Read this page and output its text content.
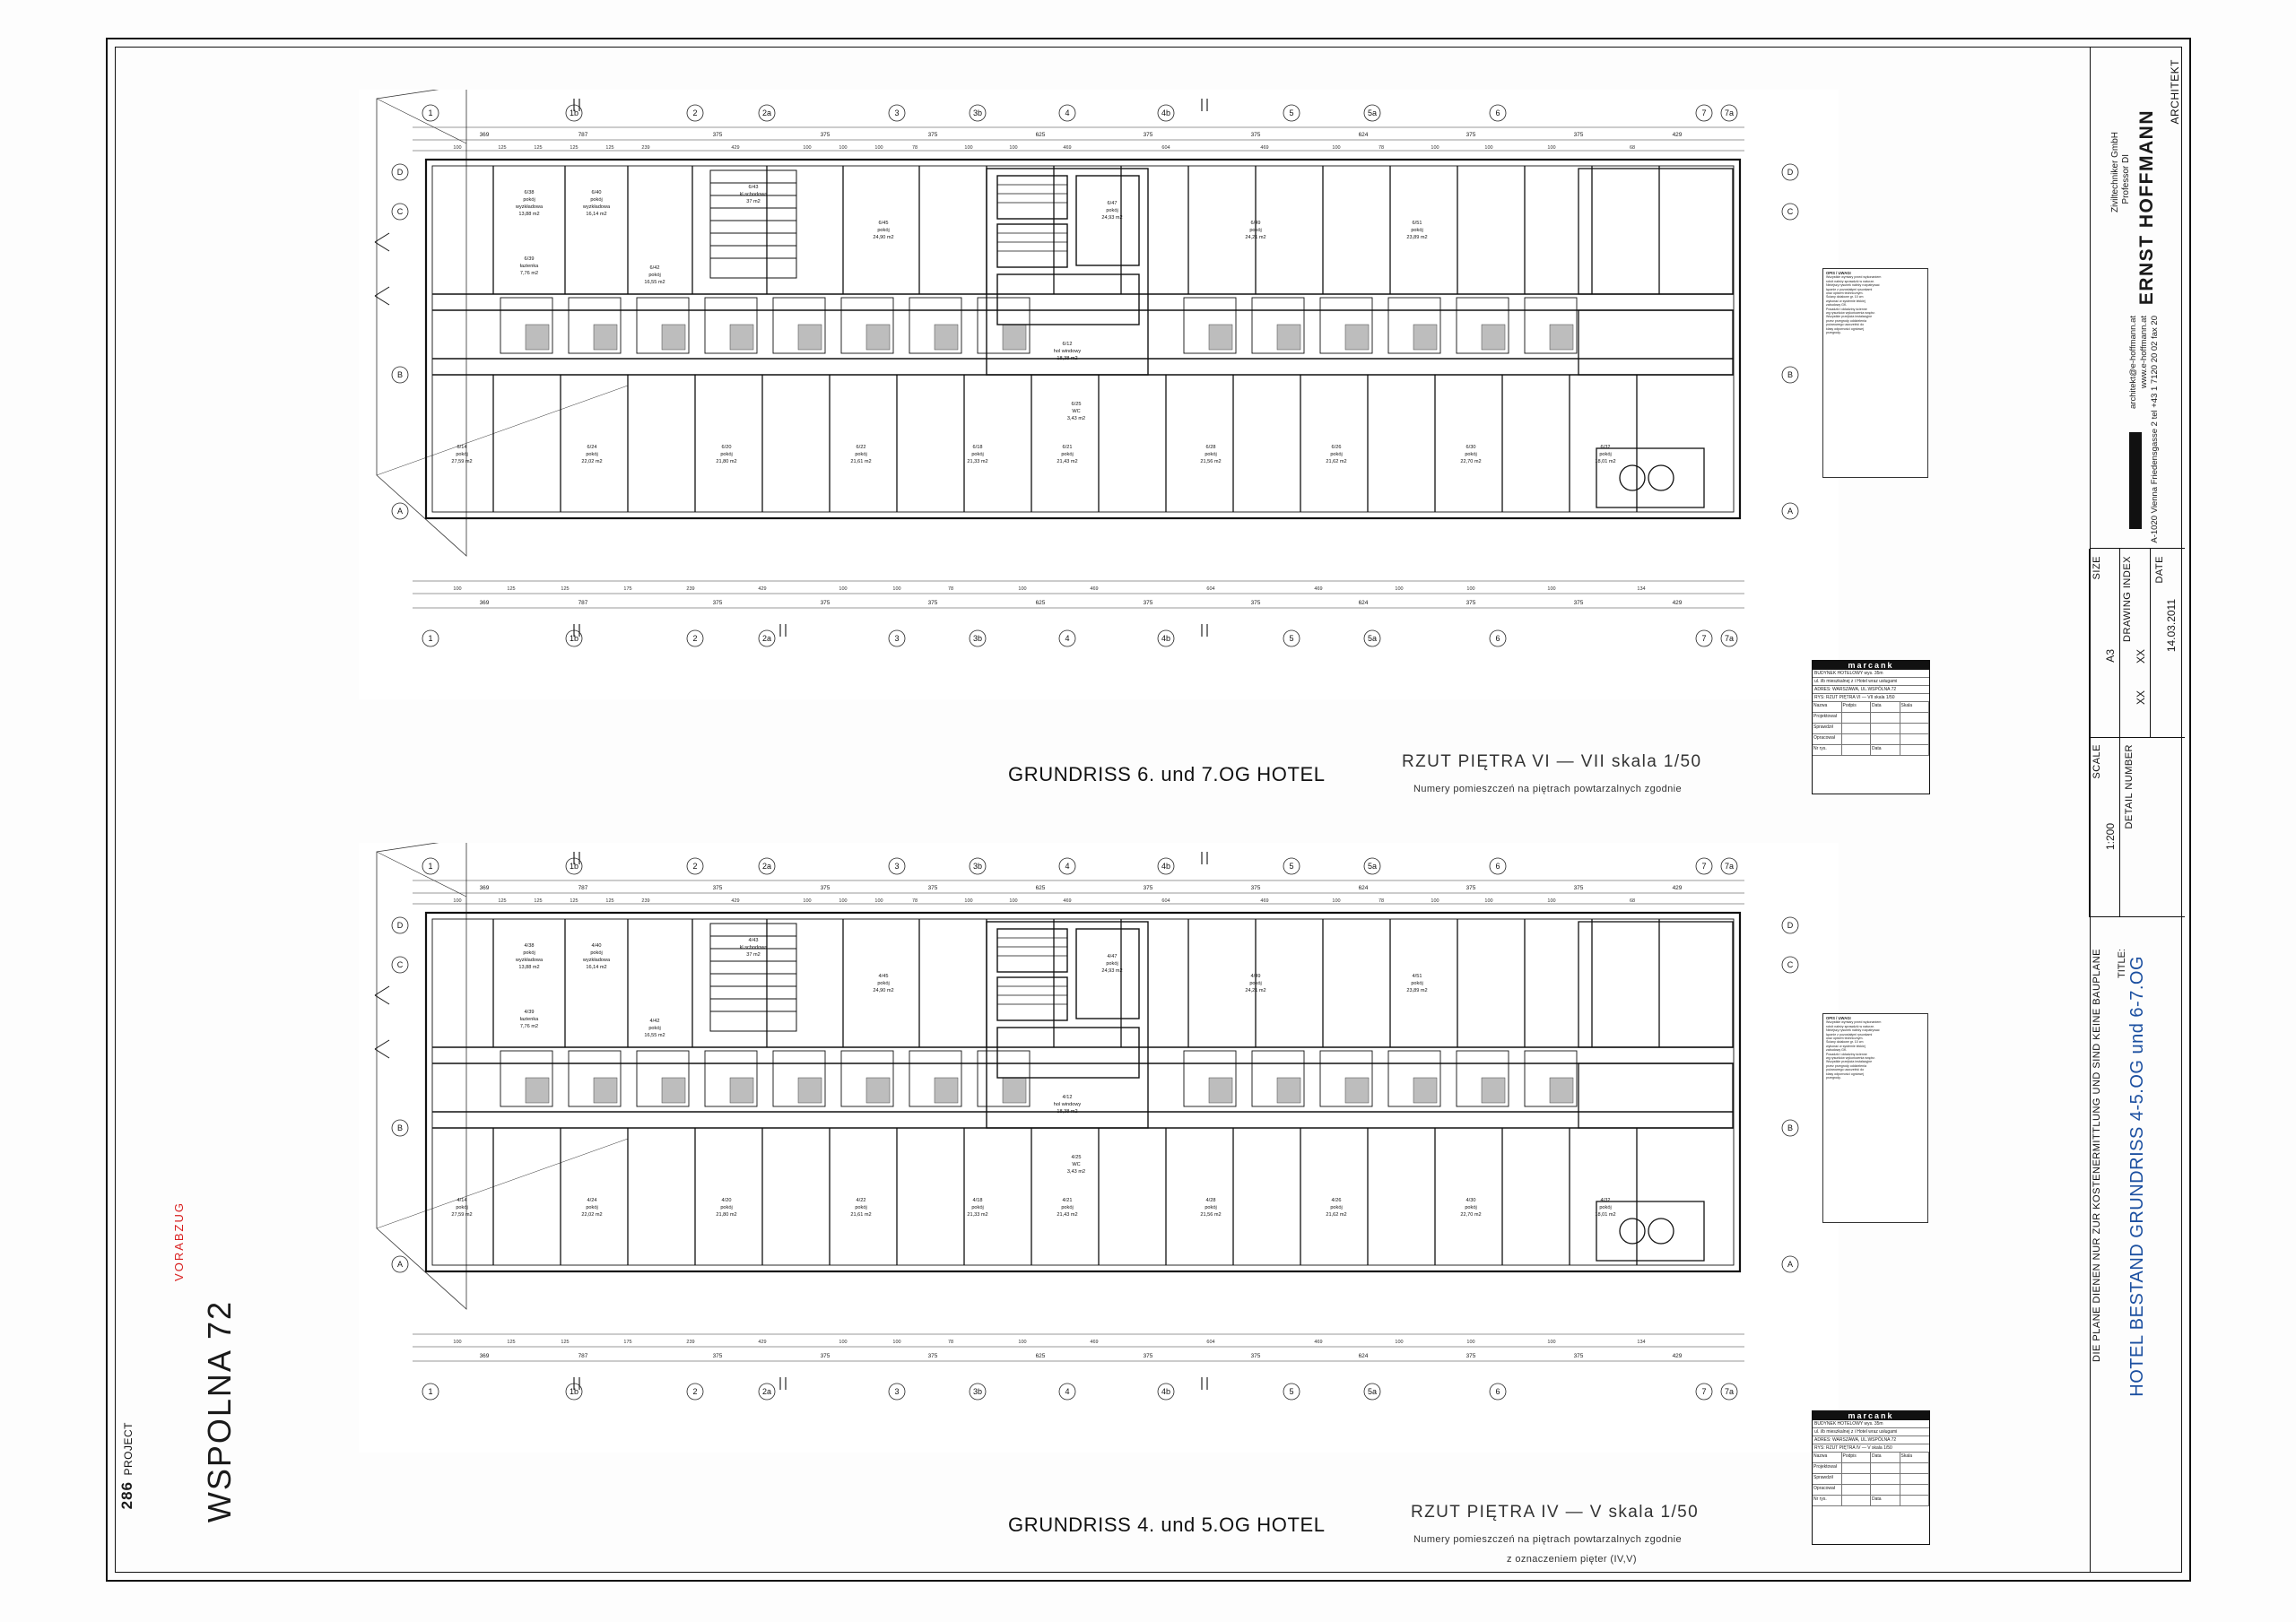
1	1b	2	2a	3	3b	4	4b	5	5a	6	7 7a
1	1b	2	2a	3	3b	4	4b	5	5a	6	7 7a
D
C
B
A
D
C
B
A
369	787	375	375	375	625	375	375	624	375	375	429
100	125	125	125	125	239	429	100	100	100	78	100	100	469	604	469	100	78	100	100	100	68
369	787	375	375	375	625	375	375	624	375	375	429
100	125	125	175	239	429	100	100	78	100	469	604	469	100	100	100	134
6/38
pokój
wyzkładowa
13,88 m2
6/40
pokój
wyzkładowa
16,14 m2
6/43
kl.schodowa
37 m2
6/45
pokój
24,90 m2
6/47
pokój
24,93 m2
6/49
pokój
24,21 m2
6/51
pokój
23,89 m2
6/39
łazienka
7,76 m2
6/42
pokój
16,55 m2
6/14
pokój
27,59 m2
6/24
pokój
22,02 m2
6/20
pokój
21,80 m2
6/22
pokój
21,61 m2
6/18
pokój
21,33 m2
6/21
pokój
21,43 m2
6/28
pokój
21,56 m2
6/26
pokój
21,62 m2
6/30
pokój
22,70 m2
6/32
pokój
18,01 m2
6/25
WC
3,43 m2
6/12
hol windowy
18,38 m2
GRUNDRISS 6. und 7.OG HOTEL
RZUT PIĘTRA VI — VII skala 1/50
Numery pomieszczeń na piętrach powtarzalnych zgodnie
OPIS / UWAGI
Wszystkie wymiary przed wykonaniem
robót należy sprawdzić w naturze.
Niniejszy rysunek należy rozpatrywać
łącznie z pozostałymi rysunkami
oraz opisem technicznym.
Ściany działowe gr. 10 cm
wykonać w systemie lekkiej
zabudowy GK.
Posadzki i okładziny ścienne
wg rysunków wykończenia wnętrz.
Wszystkie przejścia instalacyjne
przez przegrody oddzielenia
pożarowego uszczelnić do
klasy odporności ogniowej
przegrody.
marcank
BUDYNEK HOTELOWY wys. 35m
ul. i/b mieszkalnej z i Hotel wraz usługami
ADRES: WARSZAWA, UL.WSPÓLNA 72
RYS: RZUT PIĘTRA VI — VII skala 1/50
Nazwa	Podpis	Data	Skala
Projektował
Sprawdził
Opracował
Nr rys.	Data
1	1b	2	2a	3	3b	4	4b	5	5a	6	7 7a
1	1b	2	2a	3	3b	4	4b	5	5a	6	7 7a
D
C
B
A
D
C
B
A
369	787	375	375	375	625	375	375	624	375	375	429
100	125	125	125	125	239	429	100	100	100	78	100	100	469	604	469	100	78	100	100	100	68
369	787	375	375	375	625	375	375	624	375	375	429
100	125	125	175	239	429	100	100	78	100	469	604	469	100	100	100	134
4/38
pokój
wyzkładowa
13,88 m2
4/40
pokój
wyzkładowa
16,14 m2
4/43
kl.schodowa
37 m2
4/45
pokój
24,90 m2
4/47
pokój
24,93 m2
4/49
pokój
24,21 m2
4/51
pokój
23,89 m2
4/39
łazienka
7,76 m2
4/42
pokój
16,55 m2
4/14
pokój
27,59 m2
4/24
pokój
22,02 m2
4/20
pokój
21,80 m2
4/22
pokój
21,61 m2
4/18
pokój
21,33 m2
4/21
pokój
21,43 m2
4/28
pokój
21,56 m2
4/26
pokój
21,62 m2
4/30
pokój
22,70 m2
4/32
pokój
18,01 m2
4/25
WC
3,43 m2
4/12
hol windowy
18,38 m2
GRUNDRISS 4. und 5.OG HOTEL
RZUT PIĘTRA IV — V skala 1/50
Numery pomieszczeń na piętrach powtarzalnych zgodnie
z oznaczeniem pięter (IV,V)
OPIS / UWAGI
Wszystkie wymiary przed wykonaniem
robót należy sprawdzić w naturze.
Niniejszy rysunek należy rozpatrywać
łącznie z pozostałymi rysunkami
oraz opisem technicznym.
Ściany działowe gr. 10 cm
wykonać w systemie lekkiej
zabudowy GK.
Posadzki i okładziny ścienne
wg rysunków wykończenia wnętrz.
Wszystkie przejścia instalacyjne
przez przegrody oddzielenia
pożarowego uszczelnić do
klasy odporności ogniowej
przegrody.
marcank
BUDYNEK HOTELOWY wys. 35m
ul. i/b mieszkalnej z i Hotel wraz usługami
ADRES: WARSZAWA, UL.WSPÓLNA 72
RYS: RZUT PIĘTRA IV — V skala 1/50
Nazwa	Podpis	Data	Skala
Projektował
Sprawdził
Opracował
Nr rys.	Data
ARCHITEKT
ERNST HOFFMANN
Professor DI
Ziviltechniker GmbH
A-1020 Vienna Friedensgasse 2 tel +43 1 7120 20 02 fax 20
architekt@e-hoffmann.at www.e-hoffmann.at
DATE
14.03.2011
DRAWING INDEX
XX
XX
SIZE
A3
SCALE
1:200
DETAIL NUMBER
DIE PLANE DIENEN NUR ZUR KOSTENERMITTLUNG UND SIND KEINE BAUPLANE TITLE: HOTEL BESTAND GRUNDRISS 4-5.OG und 6-7.OG
VORABZUG
WSPOLNA 72
PROJECT
286
